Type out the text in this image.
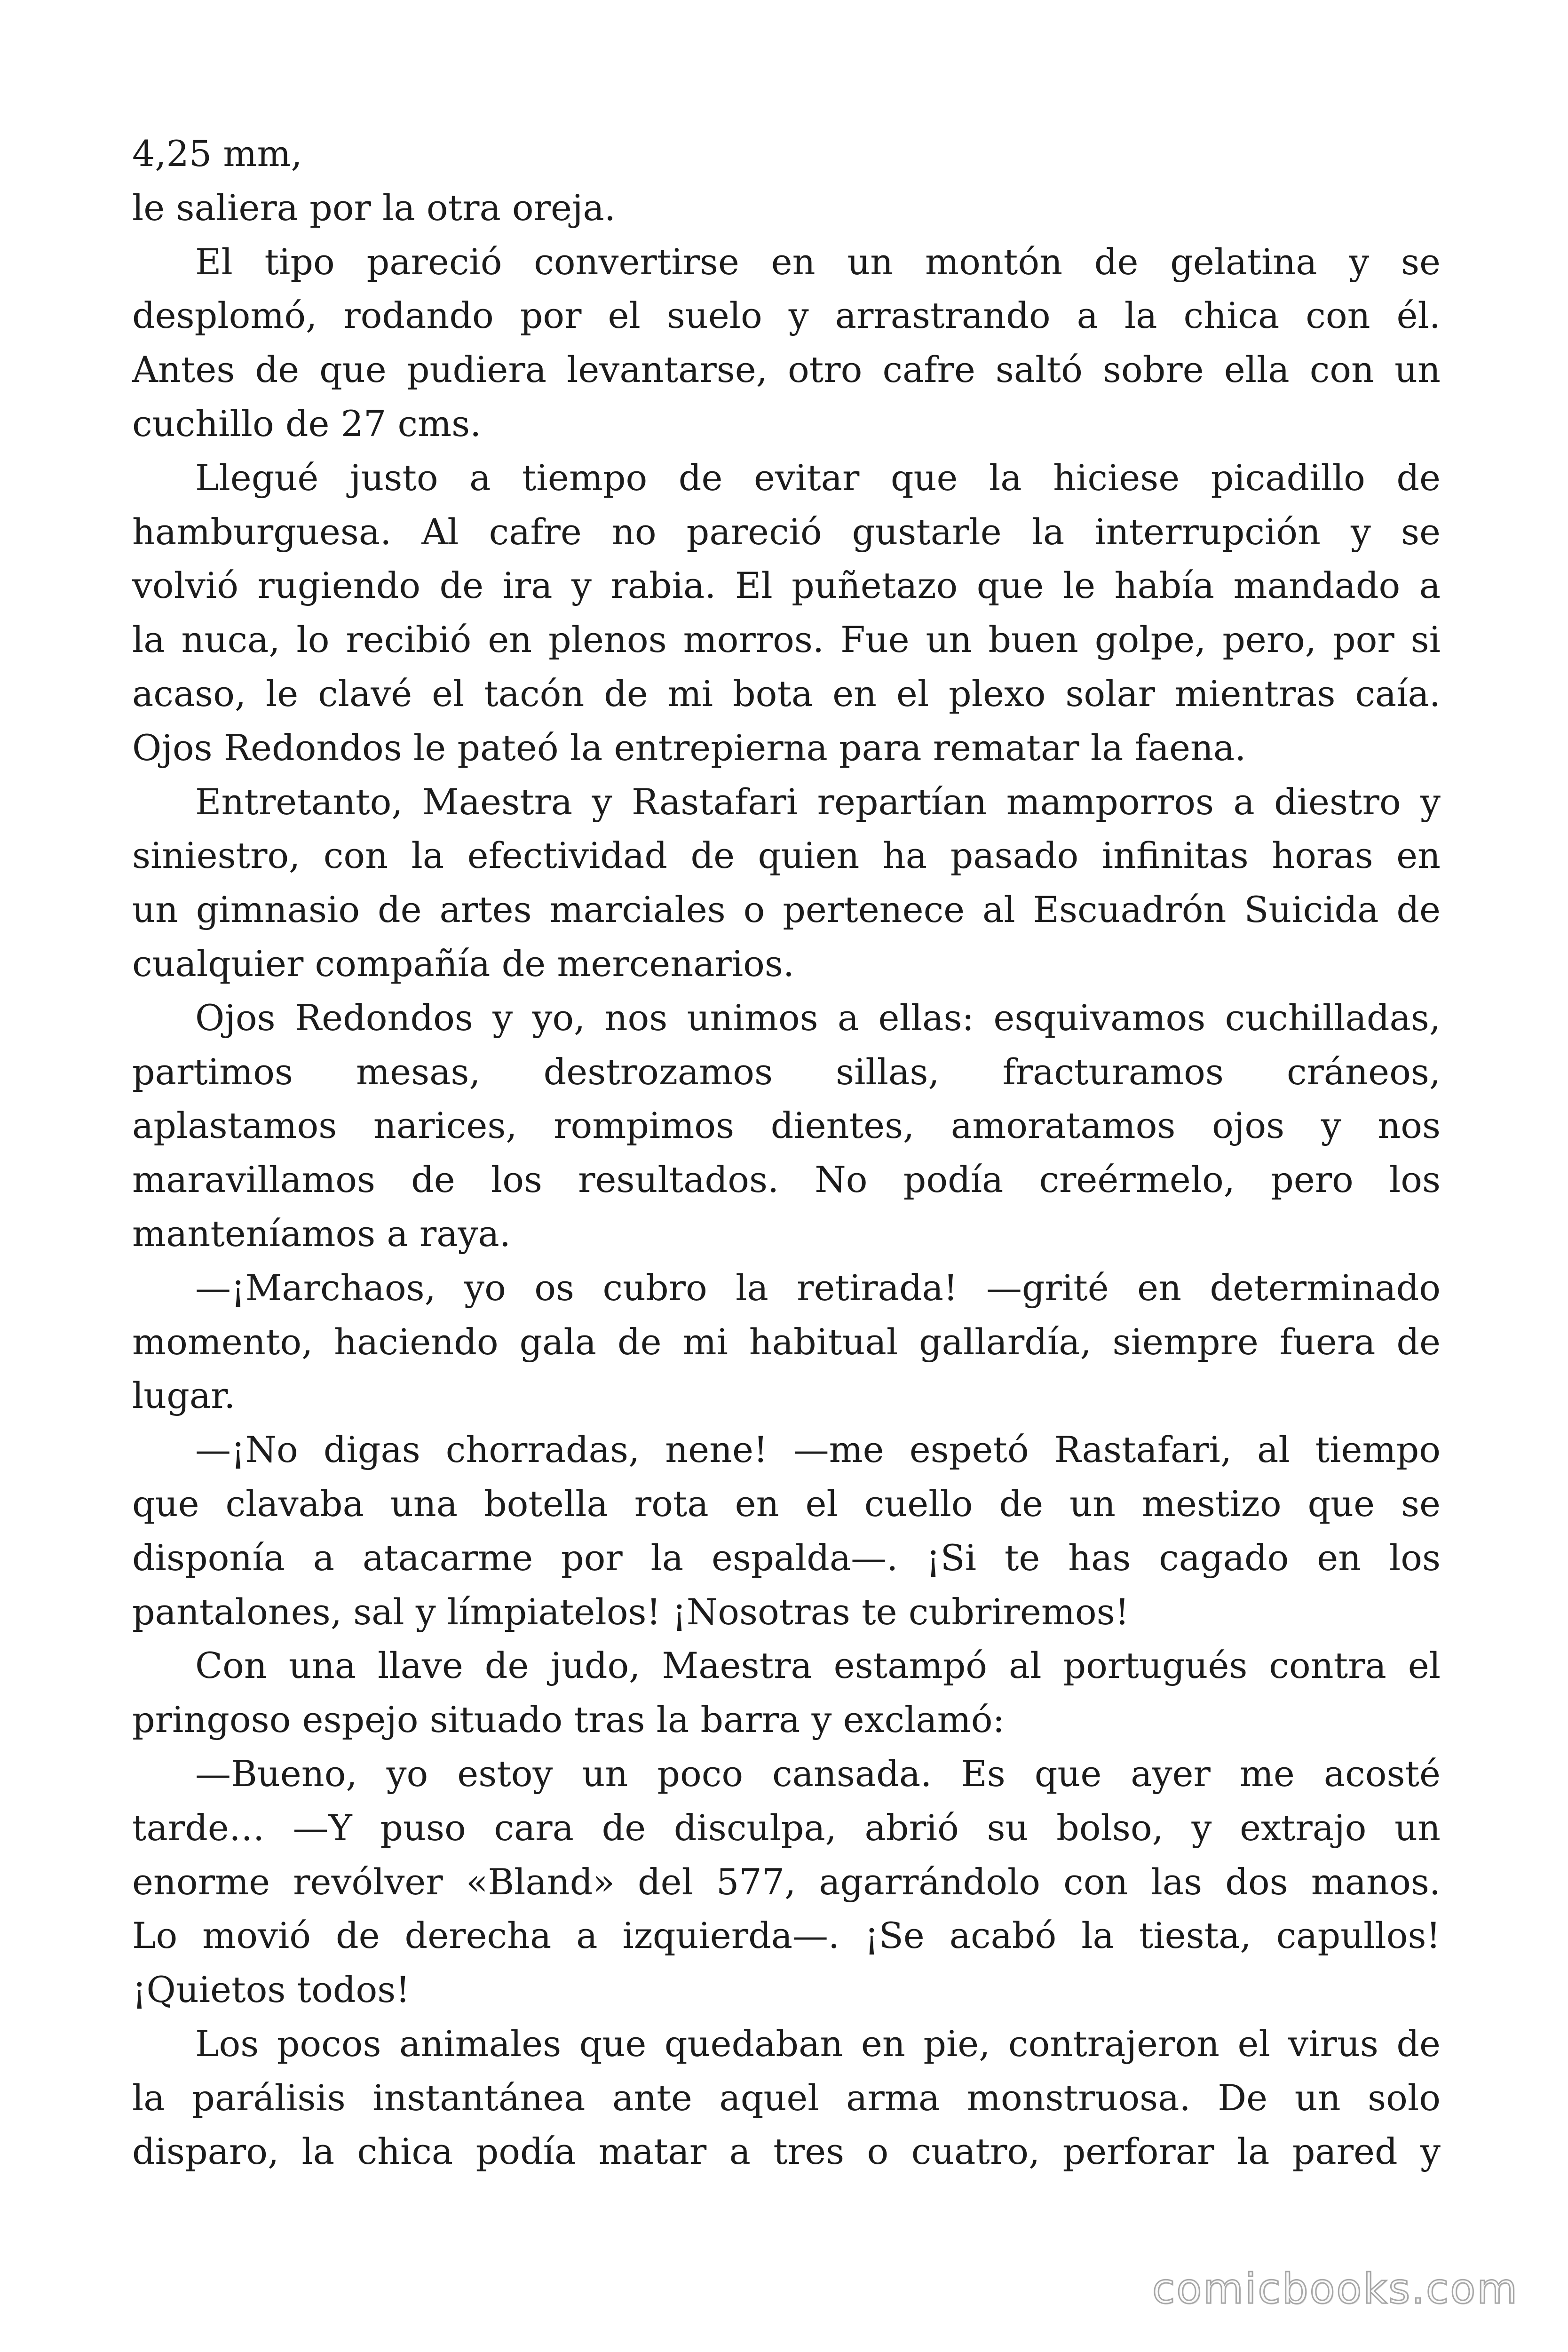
4,25 mm,
le saliera por la otra oreja.
El tipo pareció convertirse en un montón de gelatina y se
desplomó, rodando por el suelo y arrastrando a la chica con él.
Antes de que pudiera levantarse, otro cafre saltó sobre ella con un
cuchillo de 27 cms.
Llegué justo a tiempo de evitar que la hiciese picadillo de
hamburguesa. Al cafre no pareció gustarle la interrupción y se
volvió rugiendo de ira y rabia. El puñetazo que le había mandado a
la nuca, lo recibió en plenos morros. Fue un buen golpe, pero, por si
acaso, le clavé el tacón de mi bota en el plexo solar mientras caía.
Ojos Redondos le pateó la entrepierna para rematar la faena.
Entretanto, Maestra y Rastafari repartían mamporros a diestro y
siniestro, con la efectividad de quien ha pasado infinitas horas en
un gimnasio de artes marciales o pertenece al Escuadrón Suicida de
cualquier compañía de mercenarios.
Ojos Redondos y yo, nos unimos a ellas: esquivamos cuchilladas,
partimos mesas, destrozamos sillas, fracturamos cráneos,
aplastamos narices, rompimos dientes, amoratamos ojos y nos
maravillamos de los resultados. No podía creérmelo, pero los
manteníamos a raya.
—¡Marchaos, yo os cubro la retirada! —grité en determinado
momento, haciendo gala de mi habitual gallardía, siempre fuera de
lugar.
—¡No digas chorradas, nene! —me espetó Rastafari, al tiempo
que clavaba una botella rota en el cuello de un mestizo que se
disponía a atacarme por la espalda—. ¡Si te has cagado en los
pantalones, sal y límpiatelos! ¡Nosotras te cubriremos!
Con una llave de judo, Maestra estampó al portugués contra el
pringoso espejo situado tras la barra y exclamó:
—Bueno, yo estoy un poco cansada. Es que ayer me acosté
tarde… —Y puso cara de disculpa, abrió su bolso, y extrajo un
enorme revólver «Bland» del 577, agarrándolo con las dos manos.
Lo movió de derecha a izquierda—. ¡Se acabó la tiesta, capullos!
¡Quietos todos!
Los pocos animales que quedaban en pie, contrajeron el virus de
la parálisis instantánea ante aquel arma monstruosa. De un solo
disparo, la chica podía matar a tres o cuatro, perforar la pared y
comicbooks.com
